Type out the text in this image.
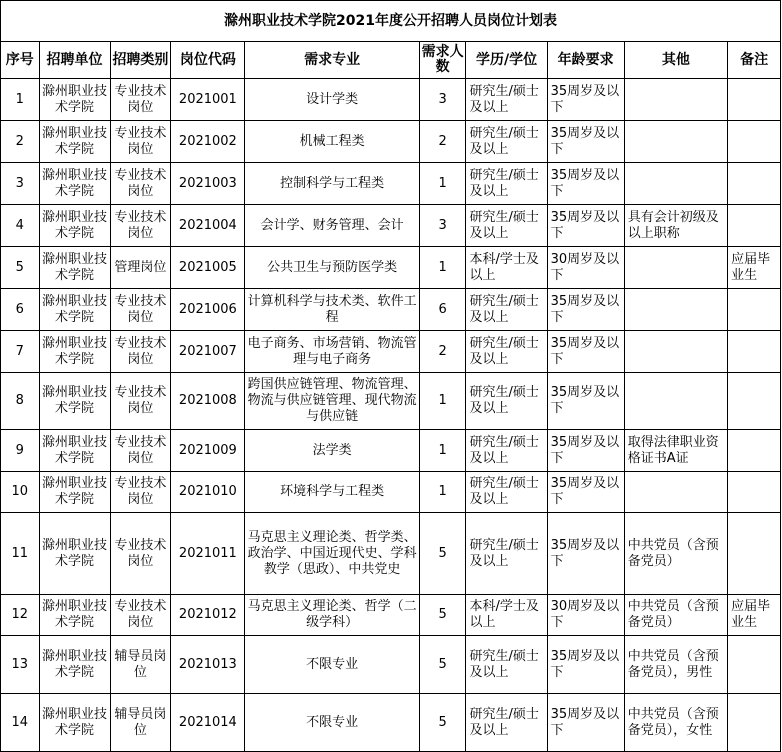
滁州职业技术学院2021年度公开招聘人员岗位计划表									
序号	招聘单位	招聘类别	岗位代码	需求专业	需求人数	学历/学位	年龄要求	其他	备注
1	滁州职业技术学院	专业技术岗位	2021001	设计学类	3	研究生/硕士及以上	35周岁及以下		
2	滁州职业技术学院	专业技术岗位	2021002	机械工程类	2	研究生/硕士及以上	35周岁及以下		
3	滁州职业技术学院	专业技术岗位	2021003	控制科学与工程类	1	研究生/硕士及以上	35周岁及以下		
4	滁州职业技术学院	专业技术岗位	2021004	会计学、财务管理、会计	3	研究生/硕士及以上	35周岁及以下	具有会计初级及以上职称	
5	滁州职业技术学院	管理岗位	2021005	公共卫生与预防医学类	1	本科/学士及以上	30周岁及以下		应届毕业生
6	滁州职业技术学院	专业技术岗位	2021006	计算机科学与技术类、软件工程	6	研究生/硕士及以上	35周岁及以下		
7	滁州职业技术学院	专业技术岗位	2021007	电子商务、市场营销、物流管理与电子商务	2	研究生/硕士及以上	35周岁及以下		
8	滁州职业技术学院	专业技术岗位	2021008	跨国供应链管理、物流管理、物流与供应链管理、现代物流与供应链	1	研究生/硕士及以上	35周岁及以下		
9	滁州职业技术学院	专业技术岗位	2021009	法学类	1	研究生/硕士及以上	35周岁及以下	取得法律职业资格证书A证	
10	滁州职业技术学院	专业技术岗位	2021010	环境科学与工程类	1	研究生/硕士及以上	35周岁及以下		
11	滁州职业技术学院	专业技术岗位	2021011	马克思主义理论类、哲学类、政治学、中国近现代史、学科教学（思政）、中共党史	5	研究生/硕士及以上	35周岁及以下	中共党员（含预备党员）	
12	滁州职业技术学院	专业技术岗位	2021012	马克思主义理论类、哲学（二级学科）	5	本科/学士及以上	30周岁及以下	中共党员（含预备党员）	应届毕业生
13	滁州职业技术学院	辅导员岗位	2021013	不限专业	5	研究生/硕士及以上	35周岁及以下	中共党员（含预备党员），男性	
14	滁州职业技术学院	辅导员岗位	2021014	不限专业	5	研究生/硕士及以上	35周岁及以下	中共党员（含预备党员），女性	
